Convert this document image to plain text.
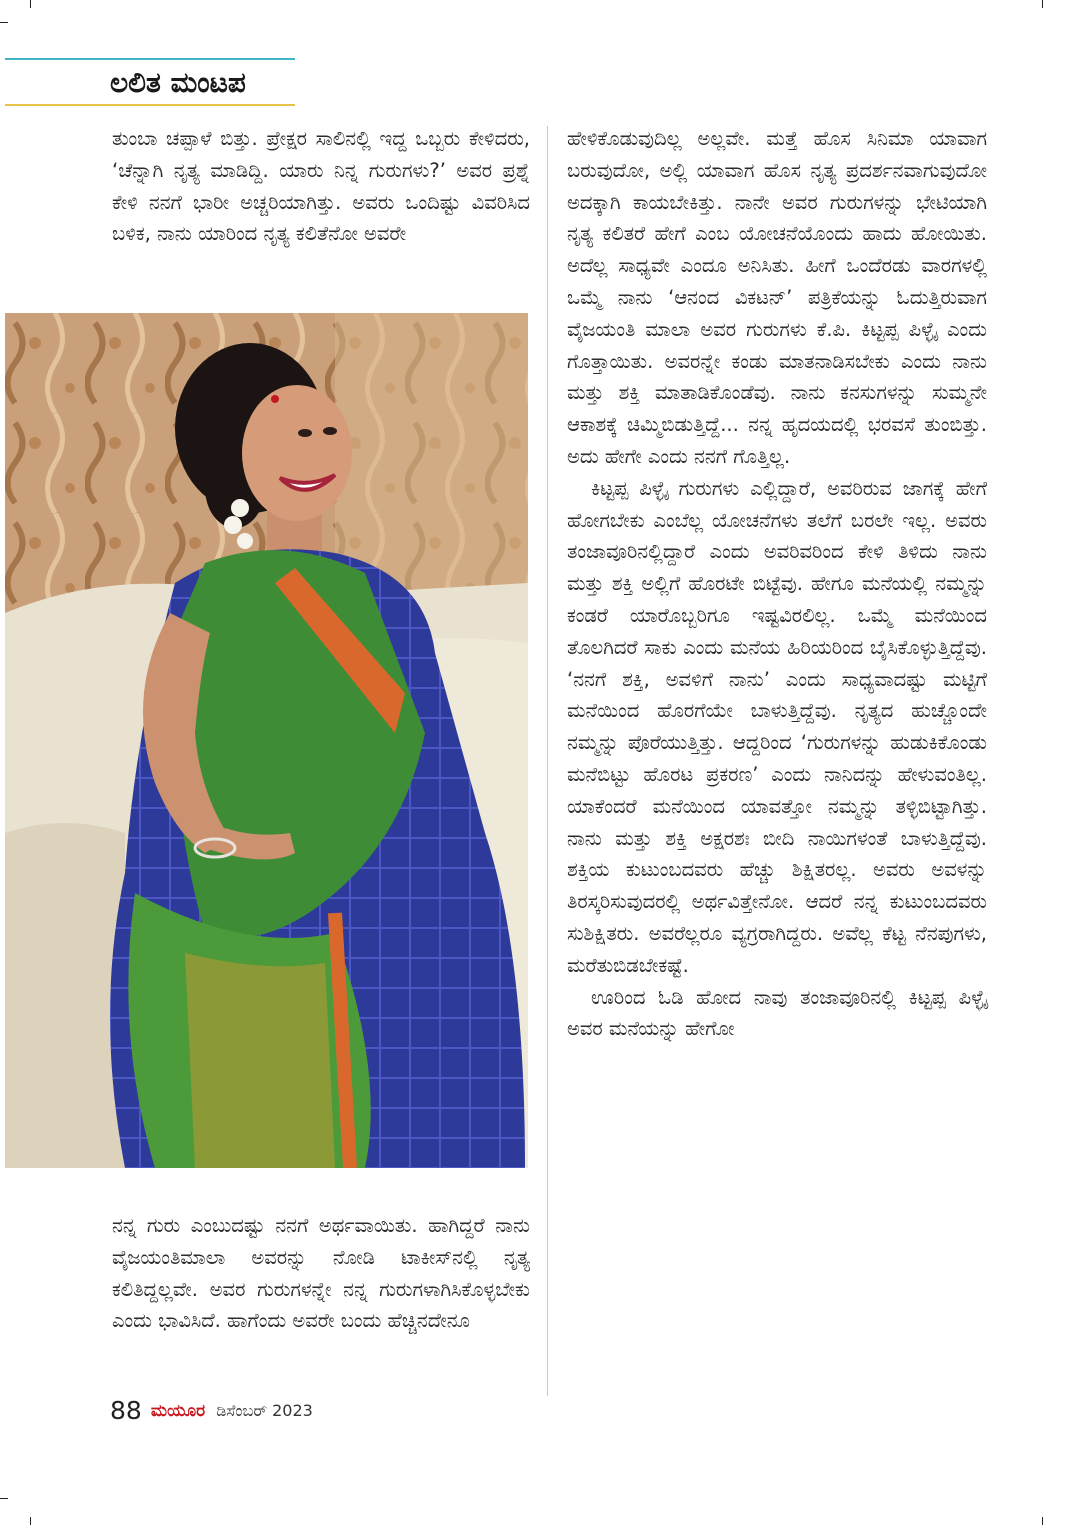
ಲಲಿತ ಮಂಟಪ

ತುಂಬಾ ಚಪ್ಪಾಳೆ ಬಿತ್ತು. ಪ್ರೇಕ್ಷರ ಸಾಲಿನಲ್ಲಿ ಇದ್ದ ಒಬ್ಬರು ಕೇಳಿದರು, ‘ಚೆನ್ನಾಗಿ ನೃತ್ಯ ಮಾಡಿದ್ದಿ. ಯಾರು ನಿನ್ನ ಗುರುಗಳು?’ ಅವರ ಪ್ರಶ್ನೆ ಕೇಳಿ ನನಗೆ ಭಾರೀ ಅಚ್ಚರಿಯಾಗಿತ್ತು. ಅವರು ಒಂದಿಷ್ಟು ವಿವರಿಸಿದ ಬಳಿಕ, ನಾನು ಯಾರಿಂದ ನೃತ್ಯ ಕಲಿತೆನೋ ಅವರೇ

ನನ್ನ ಗುರು ಎಂಬುದಷ್ಟು ನನಗೆ ಅರ್ಥವಾಯಿತು. ಹಾಗಿದ್ದರೆ ನಾನು ವೈಜಯಂತಿಮಾಲಾ ಅವರನ್ನು ನೋಡಿ ಟಾಕೀಸ್‌ನಲ್ಲಿ ನೃತ್ಯ ಕಲಿತಿದ್ದಲ್ಲವೇ. ಅವರ ಗುರುಗಳನ್ನೇ ನನ್ನ ಗುರುಗಳಾಗಿಸಿಕೊಳ್ಳಬೇಕು ಎಂದು ಭಾವಿಸಿದೆ. ಹಾಗೆಂದು ಅವರೇ ಬಂದು ಹೆಚ್ಚಿನದೇನೂ

ಹೇಳಿಕೊಡುವುದಿಲ್ಲ ಅಲ್ಲವೇ. ಮತ್ತೆ ಹೊಸ ಸಿನಿಮಾ ಯಾವಾಗ ಬರುವುದೋ, ಅಲ್ಲಿ ಯಾವಾಗ ಹೊಸ ನೃತ್ಯ ಪ್ರದರ್ಶನವಾಗುವುದೋ ಅದಕ್ಕಾಗಿ ಕಾಯಬೇಕಿತ್ತು. ನಾನೇ ಅವರ ಗುರುಗಳನ್ನು ಭೇಟಿಯಾಗಿ ನೃತ್ಯ ಕಲಿತರೆ ಹೇಗೆ ಎಂಬ ಯೋಚನೆಯೊಂದು ಹಾದು ಹೋಯಿತು. ಅದೆಲ್ಲ ಸಾಧ್ಯವೇ ಎಂದೂ ಅನಿಸಿತು. ಹೀಗೆ ಒಂದೆರಡು ವಾರಗಳಲ್ಲಿ ಒಮ್ಮೆ ನಾನು ‘ಆನಂದ ವಿಕಟನ್’ ಪತ್ರಿಕೆಯನ್ನು ಓದುತ್ತಿರುವಾಗ ವೈಜಯಂತಿ ಮಾಲಾ ಅವರ ಗುರುಗಳು ಕೆ.ಪಿ. ಕಿಟ್ಟಪ್ಪ ಪಿಳ್ಳೈ ಎಂದು ಗೊತ್ತಾಯಿತು. ಅವರನ್ನೇ ಕಂಡು ಮಾತನಾಡಿಸಬೇಕು ಎಂದು ನಾನು ಮತ್ತು ಶಕ್ತಿ ಮಾತಾಡಿಕೊಂಡೆವು. ನಾನು ಕನಸುಗಳನ್ನು ಸುಮ್ಮನೇ ಆಕಾಶಕ್ಕೆ ಚಿಮ್ಮಿಬಿಡುತ್ತಿದ್ದೆ... ನನ್ನ ಹೃದಯದಲ್ಲಿ ಭರವಸೆ ತುಂಬಿತ್ತು. ಅದು ಹೇಗೇ ಎಂದು ನನಗೆ ಗೊತ್ತಿಲ್ಲ.

ಕಿಟ್ಟಪ್ಪ ಪಿಳ್ಳೈ ಗುರುಗಳು ಎಲ್ಲಿದ್ದಾರೆ, ಅವರಿರುವ ಜಾಗಕ್ಕೆ ಹೇಗೆ ಹೋಗಬೇಕು ಎಂಬೆಲ್ಲ ಯೋಚನೆಗಳು ತಲೆಗೆ ಬರಲೇ ಇಲ್ಲ. ಅವರು ತಂಜಾವೂರಿನಲ್ಲಿದ್ದಾರೆ ಎಂದು ಅವರಿವರಿಂದ ಕೇಳಿ ತಿಳಿದು ನಾನು ಮತ್ತು ಶಕ್ತಿ ಅಲ್ಲಿಗೆ ಹೊರಟೇ ಬಿಟ್ಟೆವು. ಹೇಗೂ ಮನೆಯಲ್ಲಿ ನಮ್ಮನ್ನು ಕಂಡರೆ ಯಾರೊಬ್ಬರಿಗೂ ಇಷ್ಟವಿರಲಿಲ್ಲ. ಒಮ್ಮೆ ಮನೆಯಿಂದ ತೊಲಗಿದರೆ ಸಾಕು ಎಂದು ಮನೆಯ ಹಿರಿಯರಿಂದ ಬೈಸಿಕೊಳ್ಳುತ್ತಿದ್ದೆವು. ‘ನನಗೆ ಶಕ್ತಿ, ಅವಳಿಗೆ ನಾನು’ ಎಂದು ಸಾಧ್ಯವಾದಷ್ಟು ಮಟ್ಟಿಗೆ ಮನೆಯಿಂದ ಹೊರಗೆಯೇ ಬಾಳುತ್ತಿದ್ದೆವು. ನೃತ್ಯದ ಹುಚ್ಚೊಂದೇ ನಮ್ಮನ್ನು ಪೊರೆಯುತ್ತಿತ್ತು. ಆದ್ದರಿಂದ ‘ಗುರುಗಳನ್ನು ಹುಡುಕಿಕೊಂಡು ಮನೆಬಿಟ್ಟು ಹೊರಟ ಪ್ರಕರಣ’ ಎಂದು ನಾನಿದನ್ನು ಹೇಳುವಂತಿಲ್ಲ. ಯಾಕೆಂದರೆ ಮನೆಯಿಂದ ಯಾವತ್ತೋ ನಮ್ಮನ್ನು ತಳ್ಳಿಬಿಟ್ಟಾಗಿತ್ತು. ನಾನು ಮತ್ತು ಶಕ್ತಿ ಅಕ್ಷರಶಃ ಬೀದಿ ನಾಯಿಗಳಂತೆ ಬಾಳುತ್ತಿದ್ದೆವು. ಶಕ್ತಿಯ ಕುಟುಂಬದವರು ಹೆಚ್ಚು ಶಿಕ್ಷಿತರಲ್ಲ. ಅವರು ಅವಳನ್ನು ತಿರಸ್ಕರಿಸುವುದರಲ್ಲಿ ಅರ್ಥವಿತ್ತೇನೋ. ಆದರೆ ನನ್ನ ಕುಟುಂಬದವರು ಸುಶಿಕ್ಷಿತರು. ಅವರೆಲ್ಲರೂ ವ್ಯಗ್ರರಾಗಿದ್ದರು. ಅವೆಲ್ಲ ಕೆಟ್ಟ ನೆನಪುಗಳು, ಮರೆತುಬಿಡಬೇಕಷ್ಟೆ.

ಊರಿಂದ ಓಡಿ ಹೋದ ನಾವು ತಂಜಾವೂರಿನಲ್ಲಿ ಕಿಟ್ಟಪ್ಪ ಪಿಳ್ಳೈ ಅವರ ಮನೆಯನ್ನು ಹೇಗೋ

88 ಮಯೂರ ಡಿಸೆಂಬರ್ 2023
